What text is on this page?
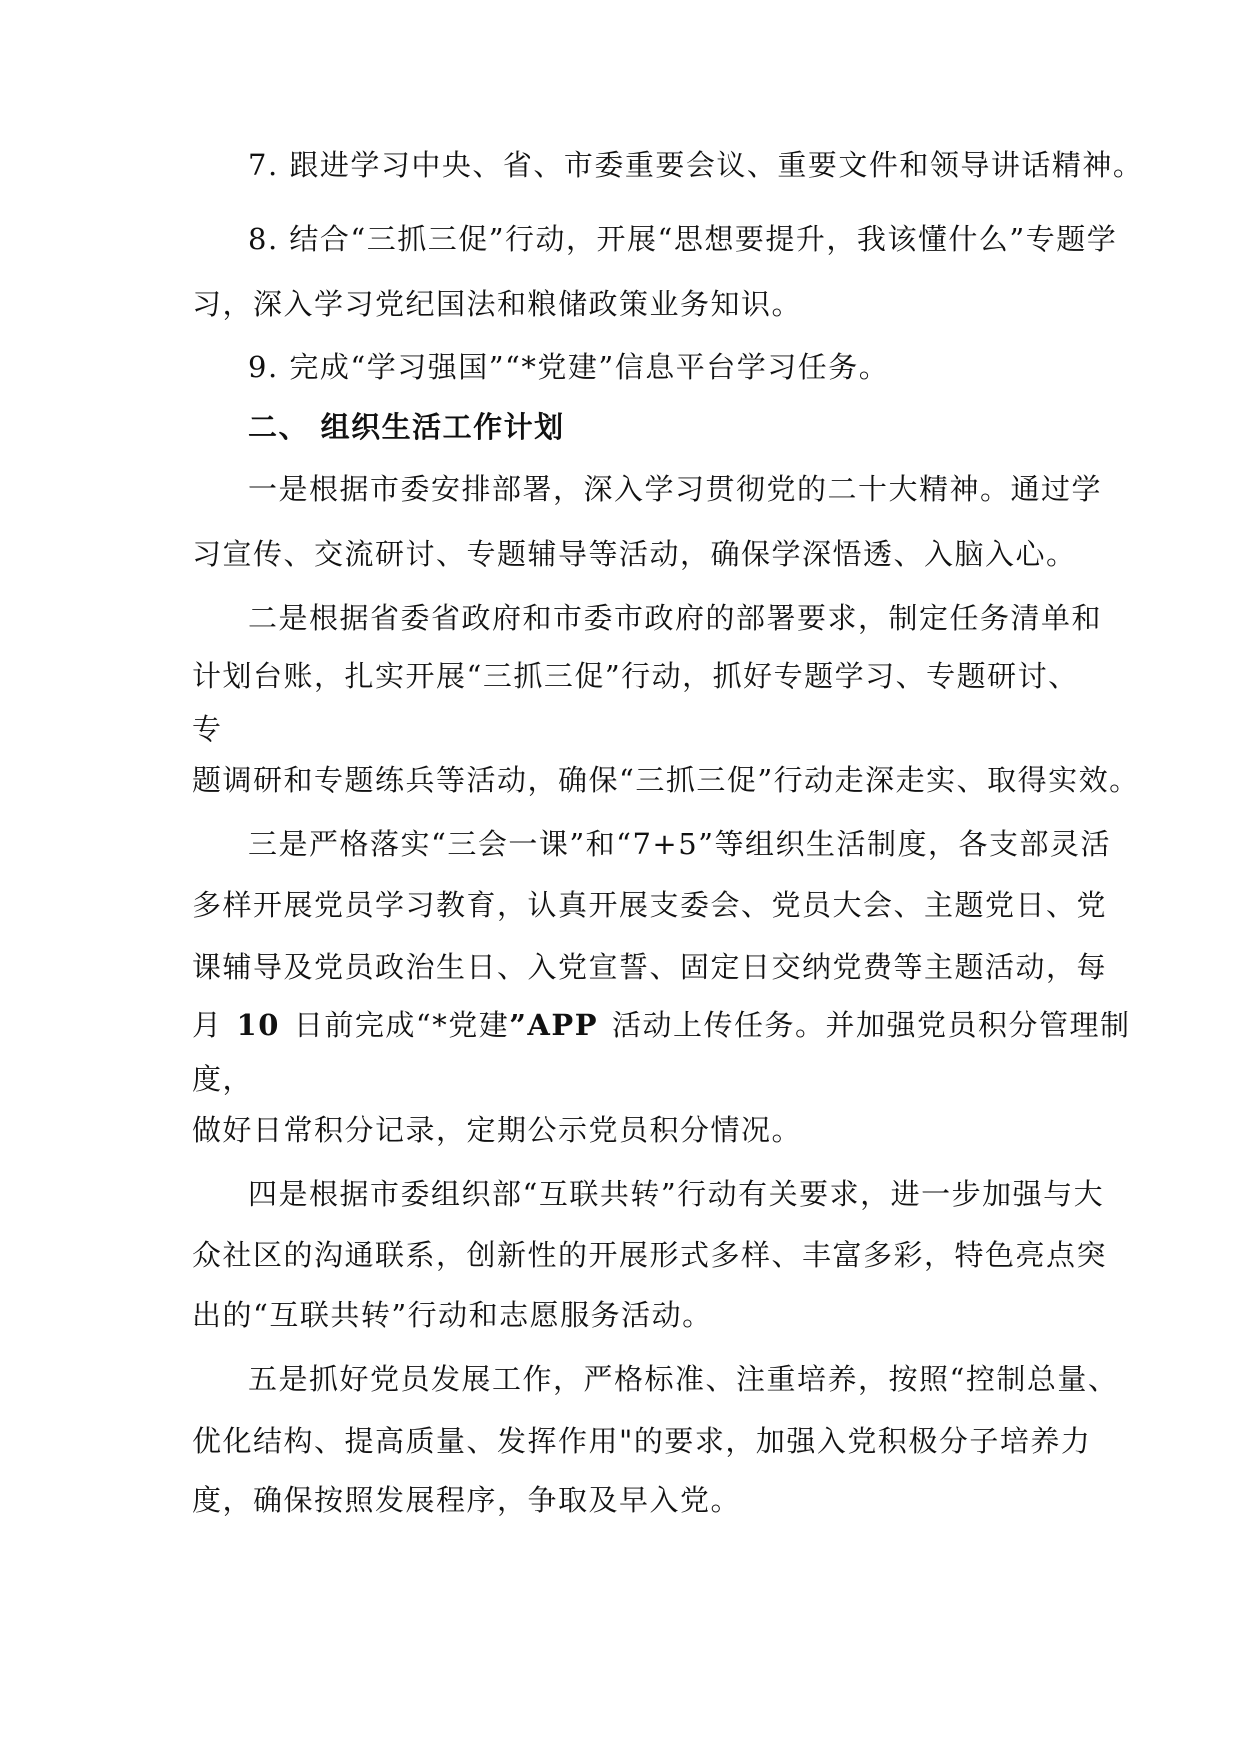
7. 跟进学习中央、省、市委重要会议、重要文件和领导讲话精神。
8. 结合“三抓三促”行动，开展“思想要提升，我该懂什么”专题学
习，深入学习党纪国法和粮储政策业务知识。
9. 完成“学习强国”“*党建”信息平台学习任务。
二、 组织生活工作计划
一是根据市委安排部署，深入学习贯彻党的二十大精神。通过学
习宣传、交流研讨、专题辅导等活动，确保学深悟透、入脑入心。
二是根据省委省政府和市委市政府的部署要求，制定任务清单和
计划台账，扎实开展“三抓三促”行动，抓好专题学习、专题研讨、
专
题调研和专题练兵等活动，确保“三抓三促”行动走深走实、取得实效。
三是严格落实“三会一课”和“7+5”等组织生活制度，各支部灵活
多样开展党员学习教育，认真开展支委会、党员大会、主题党日、党
课辅导及党员政治生日、入党宣誓、固定日交纳党费等主题活动，每
月 10 日前完成“*党建”APP 活动上传任务。并加强党员积分管理制
度，
做好日常积分记录，定期公示党员积分情况。
四是根据市委组织部“互联共转”行动有关要求，进一步加强与大
众社区的沟通联系，创新性的开展形式多样、丰富多彩，特色亮点突
出的“互联共转”行动和志愿服务活动。
五是抓好党员发展工作，严格标准、注重培养，按照“控制总量、
优化结构、提高质量、发挥作用"的要求，加强入党积极分子培养力
度，确保按照发展程序，争取及早入党。
